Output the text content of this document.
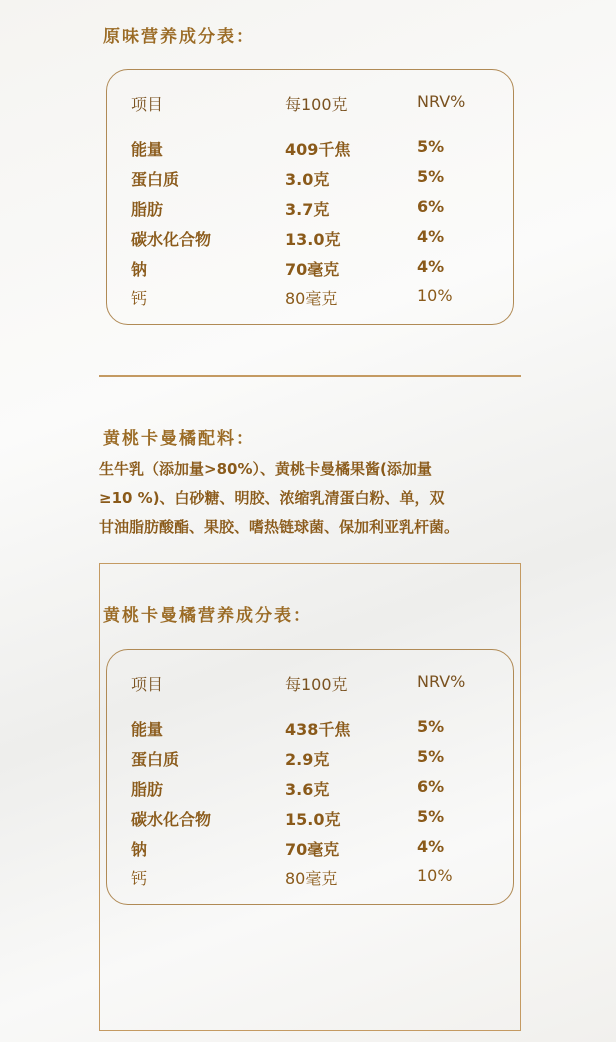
原味营养成分表：
项目	每100克	NRV%
能量	409千焦	5%
蛋白质	3.0克	5%
脂肪	3.7克	6%
碳水化合物	13.0克	4%
钠	70毫克	4%
钙	80毫克	10%
黄桃卡曼橘配料：
生牛乳（添加量>80%）、黄桃卡曼橘果酱(添加量
≥10 %)、白砂糖、明胶、浓缩乳清蛋白粉、单，双
甘油脂肪酸酯、果胶、嗜热链球菌、保加利亚乳杆菌。
黄桃卡曼橘营养成分表：
项目	每100克	NRV%
能量	438千焦	5%
蛋白质	2.9克	5%
脂肪	3.6克	6%
碳水化合物	15.0克	5%
钠	70毫克	4%
钙	80毫克	10%
